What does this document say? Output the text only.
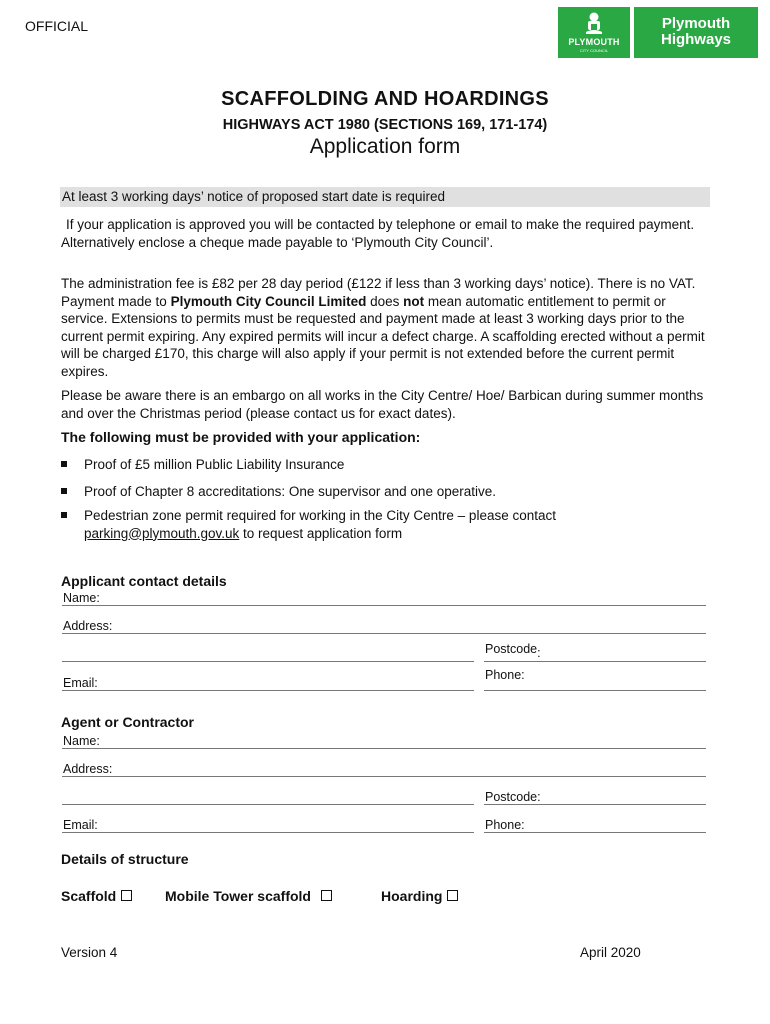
OFFICIAL
PLYMOUTH
CITY COUNCIL
Plymouth
Highways
SCAFFOLDING AND HOARDINGS
HIGHWAYS ACT 1980 (SECTIONS 169, 171-174)
Application form
At least 3 working days’ notice of proposed start date is required
If your application is approved you will be contacted by telephone or email to make the required payment. Alternatively enclose a cheque made payable to ‘Plymouth City Council’.
The administration fee is £82 per 28 day period (£122 if less than 3 working days’ notice). There is no VAT. Payment made to Plymouth City Council Limited does not mean automatic entitlement to permit or service. Extensions to permits must be requested and payment made at least 3 working days prior to the current permit expiring. Any expired permits will incur a defect charge. A scaffolding erected without a permit will be charged £170, this charge will also apply if your permit is not extended before the current permit expires.
Please be aware there is an embargo on all works in the City Centre/ Hoe/ Barbican during summer months and over the Christmas period (please contact us for exact dates).
The following must be provided with your application:
Proof of £5 million Public Liability Insurance
Proof of Chapter 8 accreditations: One supervisor and one operative.
Pedestrian zone permit required for working in the City Centre – please contact
parking@plymouth.gov.uk to request application form
Applicant contact details
Name:
Address:
Postcode:
Email:
Phone:
Agent or Contractor
Name:
Address:
Postcode:
Email:	Phone:
Details of structure
Scaffold	Mobile Tower scaffold	Hoarding
Version 4	April 2020
